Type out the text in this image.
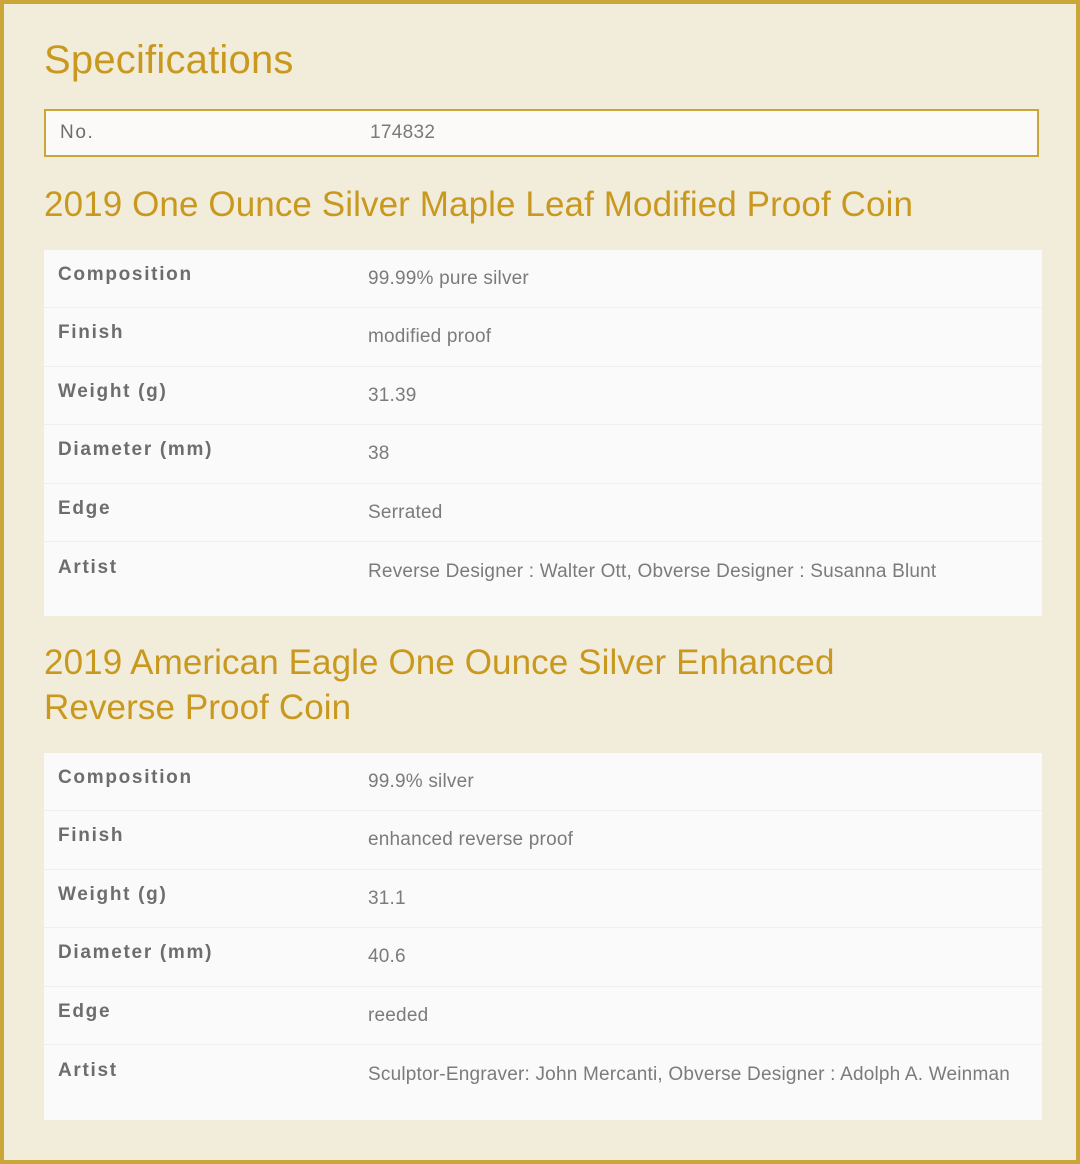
Specifications
No.	174832
2019 One Ounce Silver Maple Leaf Modified Proof Coin
Composition	99.99% pure silver
Finish	modified proof
Weight (g)	31.39
Diameter (mm)	38
Edge	Serrated
Artist	Reverse Designer : Walter Ott, Obverse Designer : Susanna Blunt
2019 American Eagle One Ounce Silver Enhanced Reverse Proof Coin
Composition	99.9% silver
Finish	enhanced reverse proof
Weight (g)	31.1
Diameter (mm)	40.6
Edge	reeded
Artist	Sculptor-Engraver: John Mercanti, Obverse Designer : Adolph A. Weinman
